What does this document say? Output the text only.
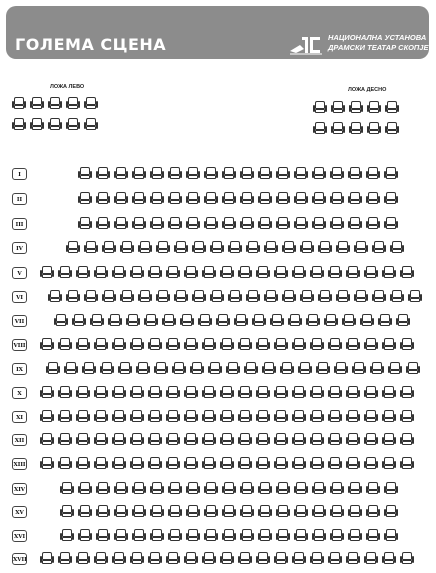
ГОЛЕМА СЦЕНА	НАЦИОНАЛНА УСТАНОВА
ДРАМСКИ ТЕАТАР СКОПЈЕ
ЛОЖА ЛЕВО	ЛОЖА ДЕСНО
I
II
III
IV
V
VI
VII
VIII
IX
X
XI
XII
XIII
XIV
XV
XVI
XVII
